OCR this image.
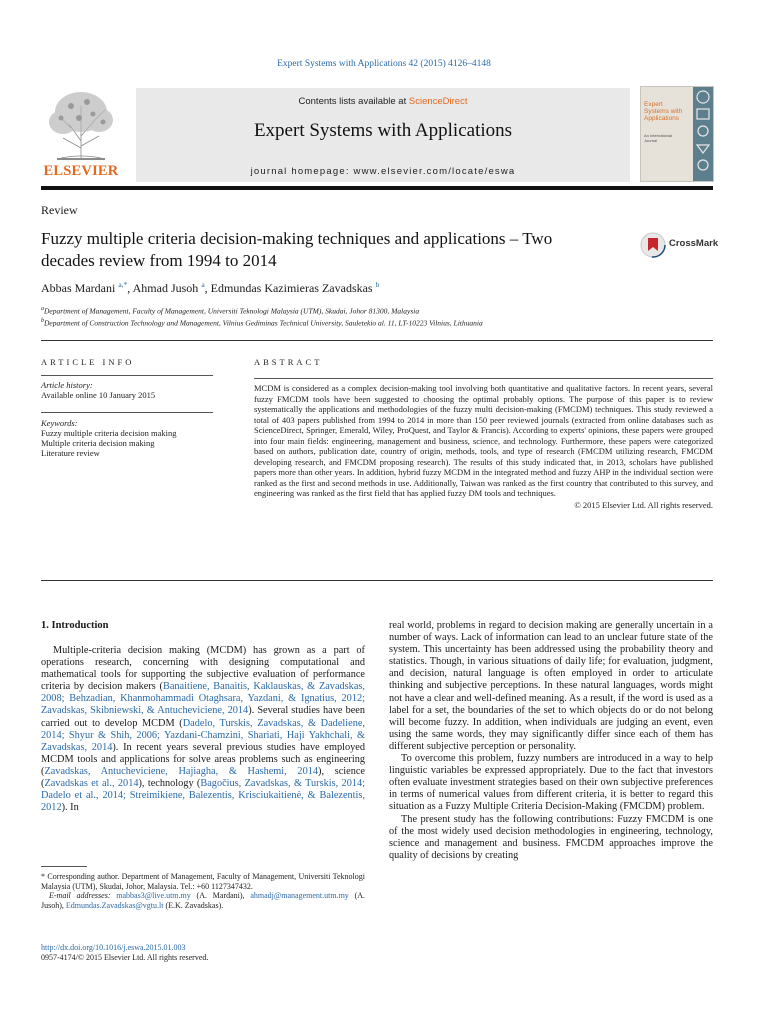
Expert Systems with Applications 42 (2015) 4126–4148
ELSEVIER
Contents lists available at ScienceDirect
Expert Systems with Applications
journal homepage: www.elsevier.com/locate/eswa
Expert Systems with Applications
An International Journal
Review
Fuzzy multiple criteria decision-making techniques and applications – Two decades review from 1994 to 2014
CrossMark
Abbas Mardani $^{a,*}$, Ahmad Jusoh $^a$, Edmundas Kazimieras Zavadskas $^b$
$^a$Department of Management, Faculty of Management, Universiti Teknologi Malaysia (UTM), Skudai, Johor 81300, Malaysia
$^b$Department of Construction Technology and Management, Vilnius Gediminas Technical University, Sauletekio al. 11, LT-10223 Vilnius, Lithuania
ARTICLE INFO
Article history:
Available online 10 January 2015
Keywords:
Fuzzy multiple criteria decision making
Multiple criteria decision making
Literature review
ABSTRACT
MCDM is considered as a complex decision-making tool involving both quantitative and qualitative factors. In recent years, several fuzzy FMCDM tools have been suggested to choosing the optimal probably options. The purpose of this paper is to review systematically the applications and methodologies of the fuzzy multi decision-making (FMCDM) techniques. This study reviewed a total of 403 papers published from 1994 to 2014 in more than 150 peer reviewed journals (extracted from online databases such as ScienceDirect, Springer, Emerald, Wiley, ProQuest, and Taylor & Francis). According to experts' opinions, these papers were grouped into four main fields: engineering, management and business, science, and technology. Furthermore, these papers were categorized based on authors, publication date, country of origin, methods, tools, and type of research (FMCDM utilizing research, FMCDM developing research, and FMCDM proposing research). The results of this study indicated that, in 2013, scholars have published papers more than other years. In addition, hybrid fuzzy MCDM in the integrated method and fuzzy AHP in the individual section were ranked as the first and second methods in use. Additionally, Taiwan was ranked as the first country that contributed to this survey, and engineering was ranked as the first field that has applied fuzzy DM tools and techniques.
© 2015 Elsevier Ltd. All rights reserved.
1. Introduction

Multiple-criteria decision making (MCDM) has grown as a part of operations research, concerning with designing computational and mathematical tools for supporting the subjective evaluation of performance criteria by decision makers (Banaitiene, Banaitis, Kaklauskas, & Zavadskas, 2008; Behzadian, Khanmohammadi Otaghsara, Yazdani, & Ignatius, 2012; Zavadskas, Skibniewski, & Antucheviciene, 2014). Several studies have been carried out to develop MCDM (Dadelo, Turskis, Zavadskas, & Dadeliene, 2014; Shyur & Shih, 2006; Yazdani-Chamzini, Shariati, Haji Yakhchali, & Zavadskas, 2014). In recent years several previous studies have employed MCDM tools and applications for solve areas problems such as engineering (Zavadskas, Antucheviciene, Hajiagha, & Hashemi, 2014), science (Zavadskas et al., 2014), technology (Bagočius, Zavadskas, & Turskis, 2014; Dadelo et al., 2014; Streimikiene, Balezentis, Krisciukaitienė, & Balezentis, 2012). In

real world, problems in regard to decision making are generally uncertain in a number of ways. Lack of information can lead to an unclear future state of the system. This uncertainty has been addressed using the probability theory and statistics. Though, in various situations of daily life; for evaluation, judgment, and decision, natural language is often employed in order to articulate thinking and subjective perceptions. In these natural languages, words might not have a clear and well-defined meaning. As a result, if the word is used as a label for a set, the boundaries of the set to which objects do or do not belong will become fuzzy. In addition, when individuals are judging an event, even using the same words, they may significantly differ since each of them has different subjective perception or personality.

To overcome this problem, fuzzy numbers are introduced in a way to help linguistic variables be expressed appropriately. Due to the fact that investors often evaluate investment strategies based on their own subjective preferences in terms of numerical values from different criteria, it is better to regard this situation as a Fuzzy Multiple Criteria Decision-Making (FMCDM) problem.

The present study has the following contributions: Fuzzy FMCDM is one of the most widely used decision methodologies in engineering, technology, science and management and business. FMCDM approaches improve the quality of decisions by creating

* Corresponding author. Department of Management, Faculty of Management, Universiti Teknologi Malaysia (UTM), Skudai, Johor, Malaysia. Tel.: +60 1127347432.
E-mail addresses: mabbas3@live.utm.my (A. Mardani), ahmadj@management.utm.my (A. Jusoh), Edmundas.Zavadskas@vgtu.lt (E.K. Zavadskas).
http://dx.doi.org/10.1016/j.eswa.2015.01.003
0957-4174/© 2015 Elsevier Ltd. All rights reserved.
